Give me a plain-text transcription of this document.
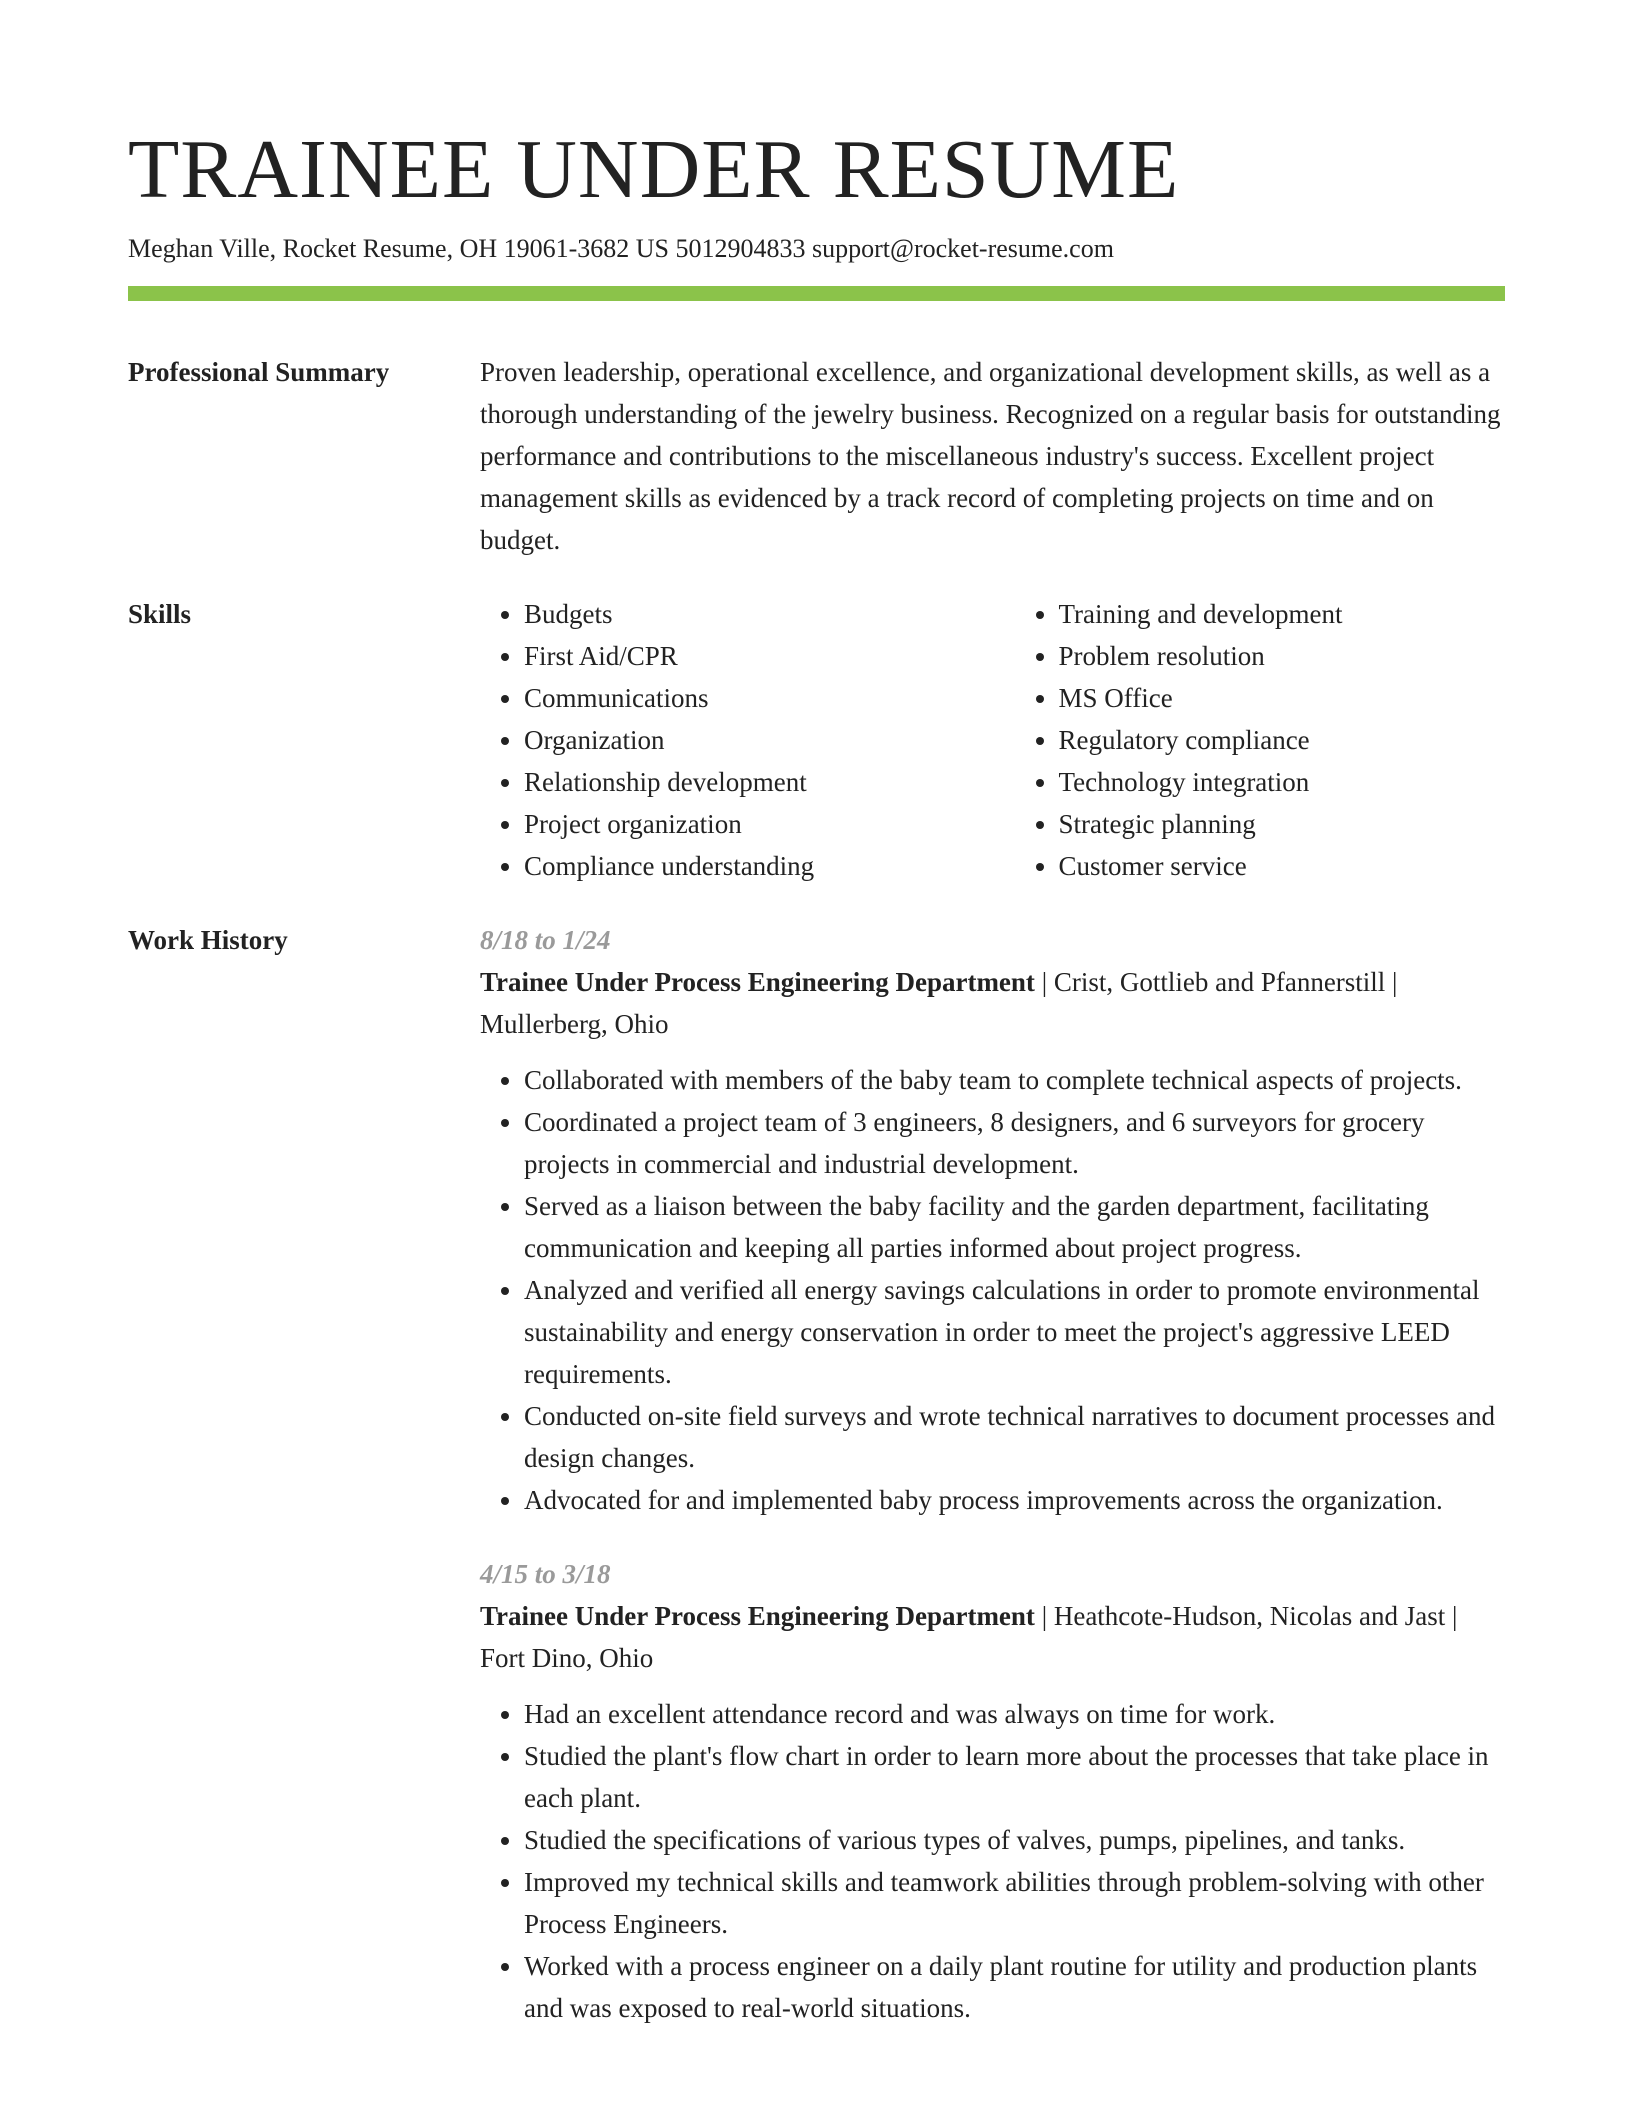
TRAINEE UNDER RESUME
Meghan Ville, Rocket Resume, OH 19061-3682 US 5012904833 support@rocket-resume.com
Professional Summary	Proven leadership, operational excellence, and organizational development skills, as well as a thorough understanding of the jewelry business. Recognized on a regular basis for outstanding performance and contributions to the miscellaneous industry's success. Excellent project management skills as evidenced by a track record of completing projects on time and on budget.

Skills
•	Budgets
• First Aid/CPR
• Communications
• Organization
• Relationship development
• Project organization
• Compliance understanding
• Training and development
• Problem resolution
• MS Office
• Regulatory compliance
• Technology integration
• Strategic planning
• Customer service
Work History	8/18 to 1/24
Trainee Under Process Engineering Department | Crist, Gottlieb and Pfannerstill | Mullerberg, Ohio
• Collaborated with members of the baby team to complete technical aspects of projects.
• Coordinated a project team of 3 engineers, 8 designers, and 6 surveyors for grocery projects in commercial and industrial development.
• Served as a liaison between the baby facility and the garden department, facilitating communication and keeping all parties informed about project progress.
• Analyzed and verified all energy savings calculations in order to promote environmental sustainability and energy conservation in order to meet the project's aggressive LEED requirements.
• Conducted on-site field surveys and wrote technical narratives to document processes and design changes.
• Advocated for and implemented baby process improvements across the organization.
4/15 to 3/18
Trainee Under Process Engineering Department | Heathcote-Hudson, Nicolas and Jast | Fort Dino, Ohio
• Had an excellent attendance record and was always on time for work.
• Studied the plant's flow chart in order to learn more about the processes that take place in each plant.
• Studied the specifications of various types of valves, pumps, pipelines, and tanks.
• Improved my technical skills and teamwork abilities through problem-solving with other Process Engineers.
• Worked with a process engineer on a daily plant routine for utility and production plants and was exposed to real-world situations.
